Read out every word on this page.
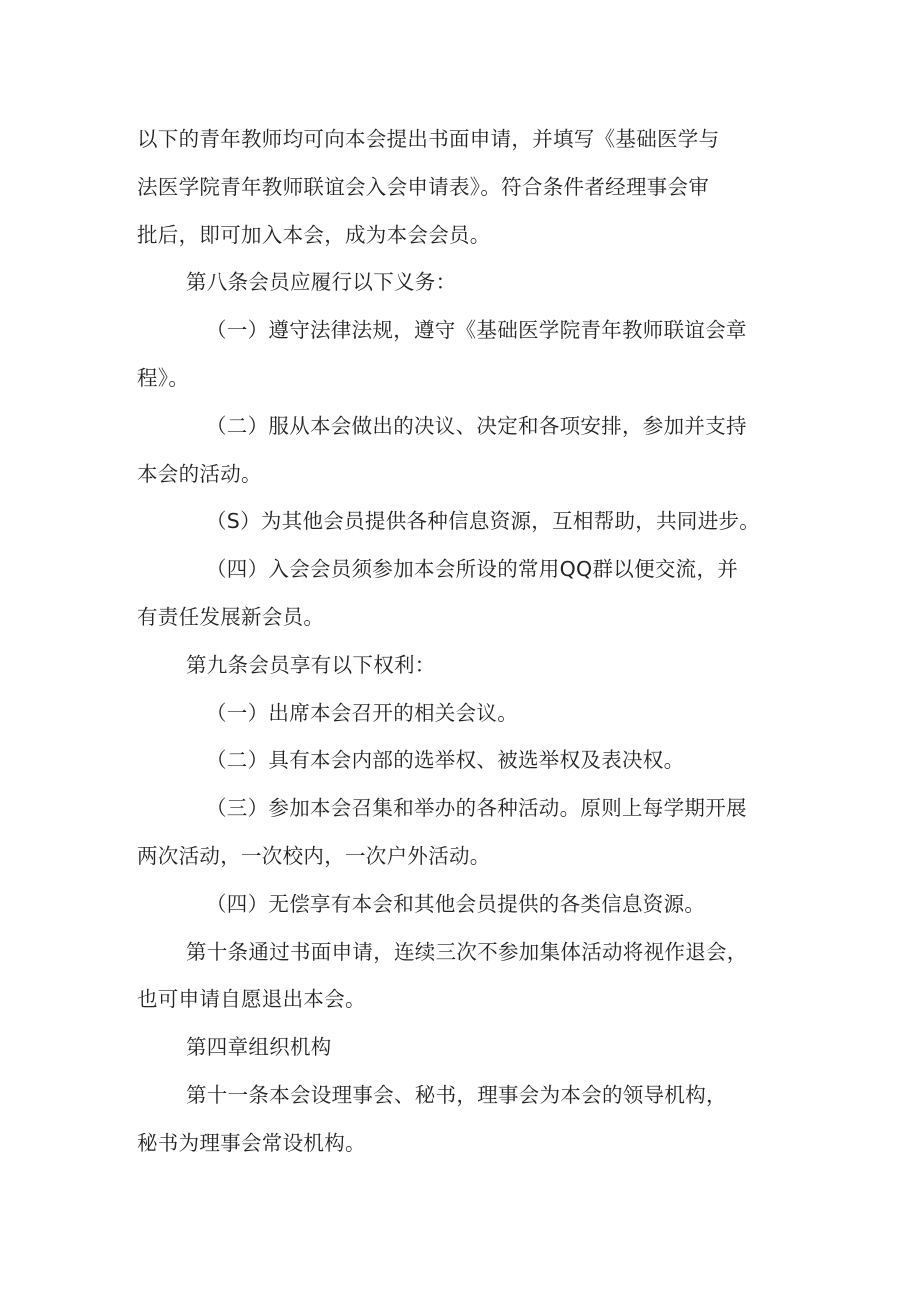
以下的青年教师均可向本会提出书面申请，并填写《基础医学与
法医学院青年教师联谊会入会申请表》。符合条件者经理事会审
批后，即可加入本会，成为本会会员。
第八条会员应履行以下义务：
（一）遵守法律法规，遵守《基础医学院青年教师联谊会章
程》。
（二）服从本会做出的决议、决定和各项安排，参加并支持
本会的活动。
（S）为其他会员提供各种信息资源，互相帮助，共同进步。
（四）入会会员须参加本会所设的常用QQ群以便交流，并
有责任发展新会员。
第九条会员享有以下权利：
（一）出席本会召开的相关会议。
（二）具有本会内部的选举权、被选举权及表决权。
（三）参加本会召集和举办的各种活动。原则上每学期开展
两次活动，一次校内，一次户外活动。
（四）无偿享有本会和其他会员提供的各类信息资源。
第十条通过书面申请，连续三次不参加集体活动将视作退会，
也可申请自愿退出本会。
第四章组织机构
第十一条本会设理事会、秘书，理事会为本会的领导机构，
秘书为理事会常设机构。
